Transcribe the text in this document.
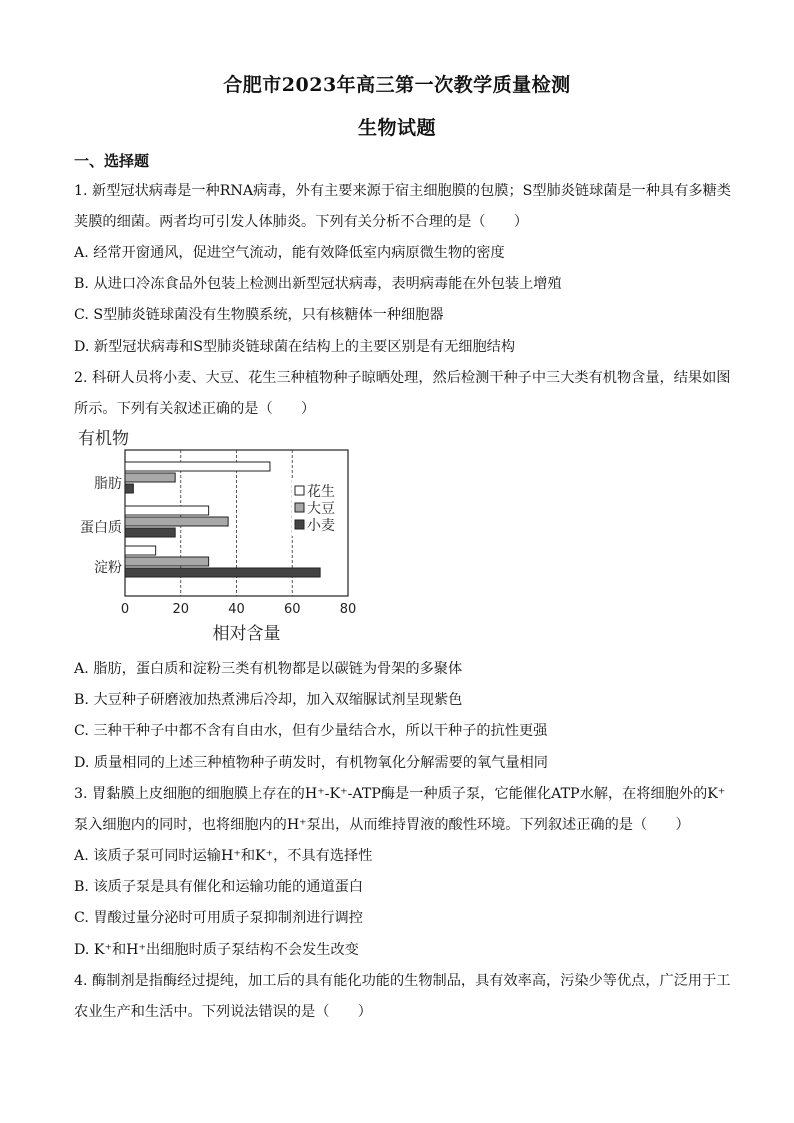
合肥市2023年高三第一次教学质量检测
生物试题
一、选择题
1. 新型冠状病毒是一种RNA病毒，外有主要来源于宿主细胞膜的包膜；S型肺炎链球菌是一种具有多糖类
荚膜的细菌。两者均可引发人体肺炎。下列有关分析不合理的是（　　）
A. 经常开窗通风，促进空气流动，能有效降低室内病原微生物的密度
B. 从进口冷冻食品外包装上检测出新型冠状病毒，表明病毒能在外包装上增殖
C. S型肺炎链球菌没有生物膜系统，只有核糖体一种细胞器
D. 新型冠状病毒和S型肺炎链球菌在结构上的主要区别是有无细胞结构
2. 科研人员将小麦、大豆、花生三种植物种子晾晒处理，然后检测干种子中三大类有机物含量，结果如图
所示。下列有关叙述正确的是（　　）
有机物
脂肪
蛋白质
淀粉
花生
大豆
小麦
0	20	40	60	80
相对含量
A. 脂肪，蛋白质和淀粉三类有机物都是以碳链为骨架的多聚体
B. 大豆种子研磨液加热煮沸后冷却，加入双缩脲试剂呈现紫色
C. 三种干种子中都不含有自由水，但有少量结合水，所以干种子的抗性更强
D. 质量相同的上述三种植物种子萌发时，有机物氧化分解需要的氧气量相同
3. 胃黏膜上皮细胞的细胞膜上存在的H⁺-K⁺-ATP酶是一种质子泵，它能催化ATP水解，在将细胞外的K⁺
泵入细胞内的同时，也将细胞内的H⁺泵出，从而维持胃液的酸性环境。下列叙述正确的是（　　）
A. 该质子泵可同时运输H⁺和K⁺，不具有选择性
B. 该质子泵是具有催化和运输功能的通道蛋白
C. 胃酸过量分泌时可用质子泵抑制剂进行调控
D. K⁺和H⁺出细胞时质子泵结构不会发生改变
4. 酶制剂是指酶经过提纯，加工后的具有能化功能的生物制品，具有效率高，污染少等优点，广泛用于工
农业生产和生活中。下列说法错误的是（　　）
